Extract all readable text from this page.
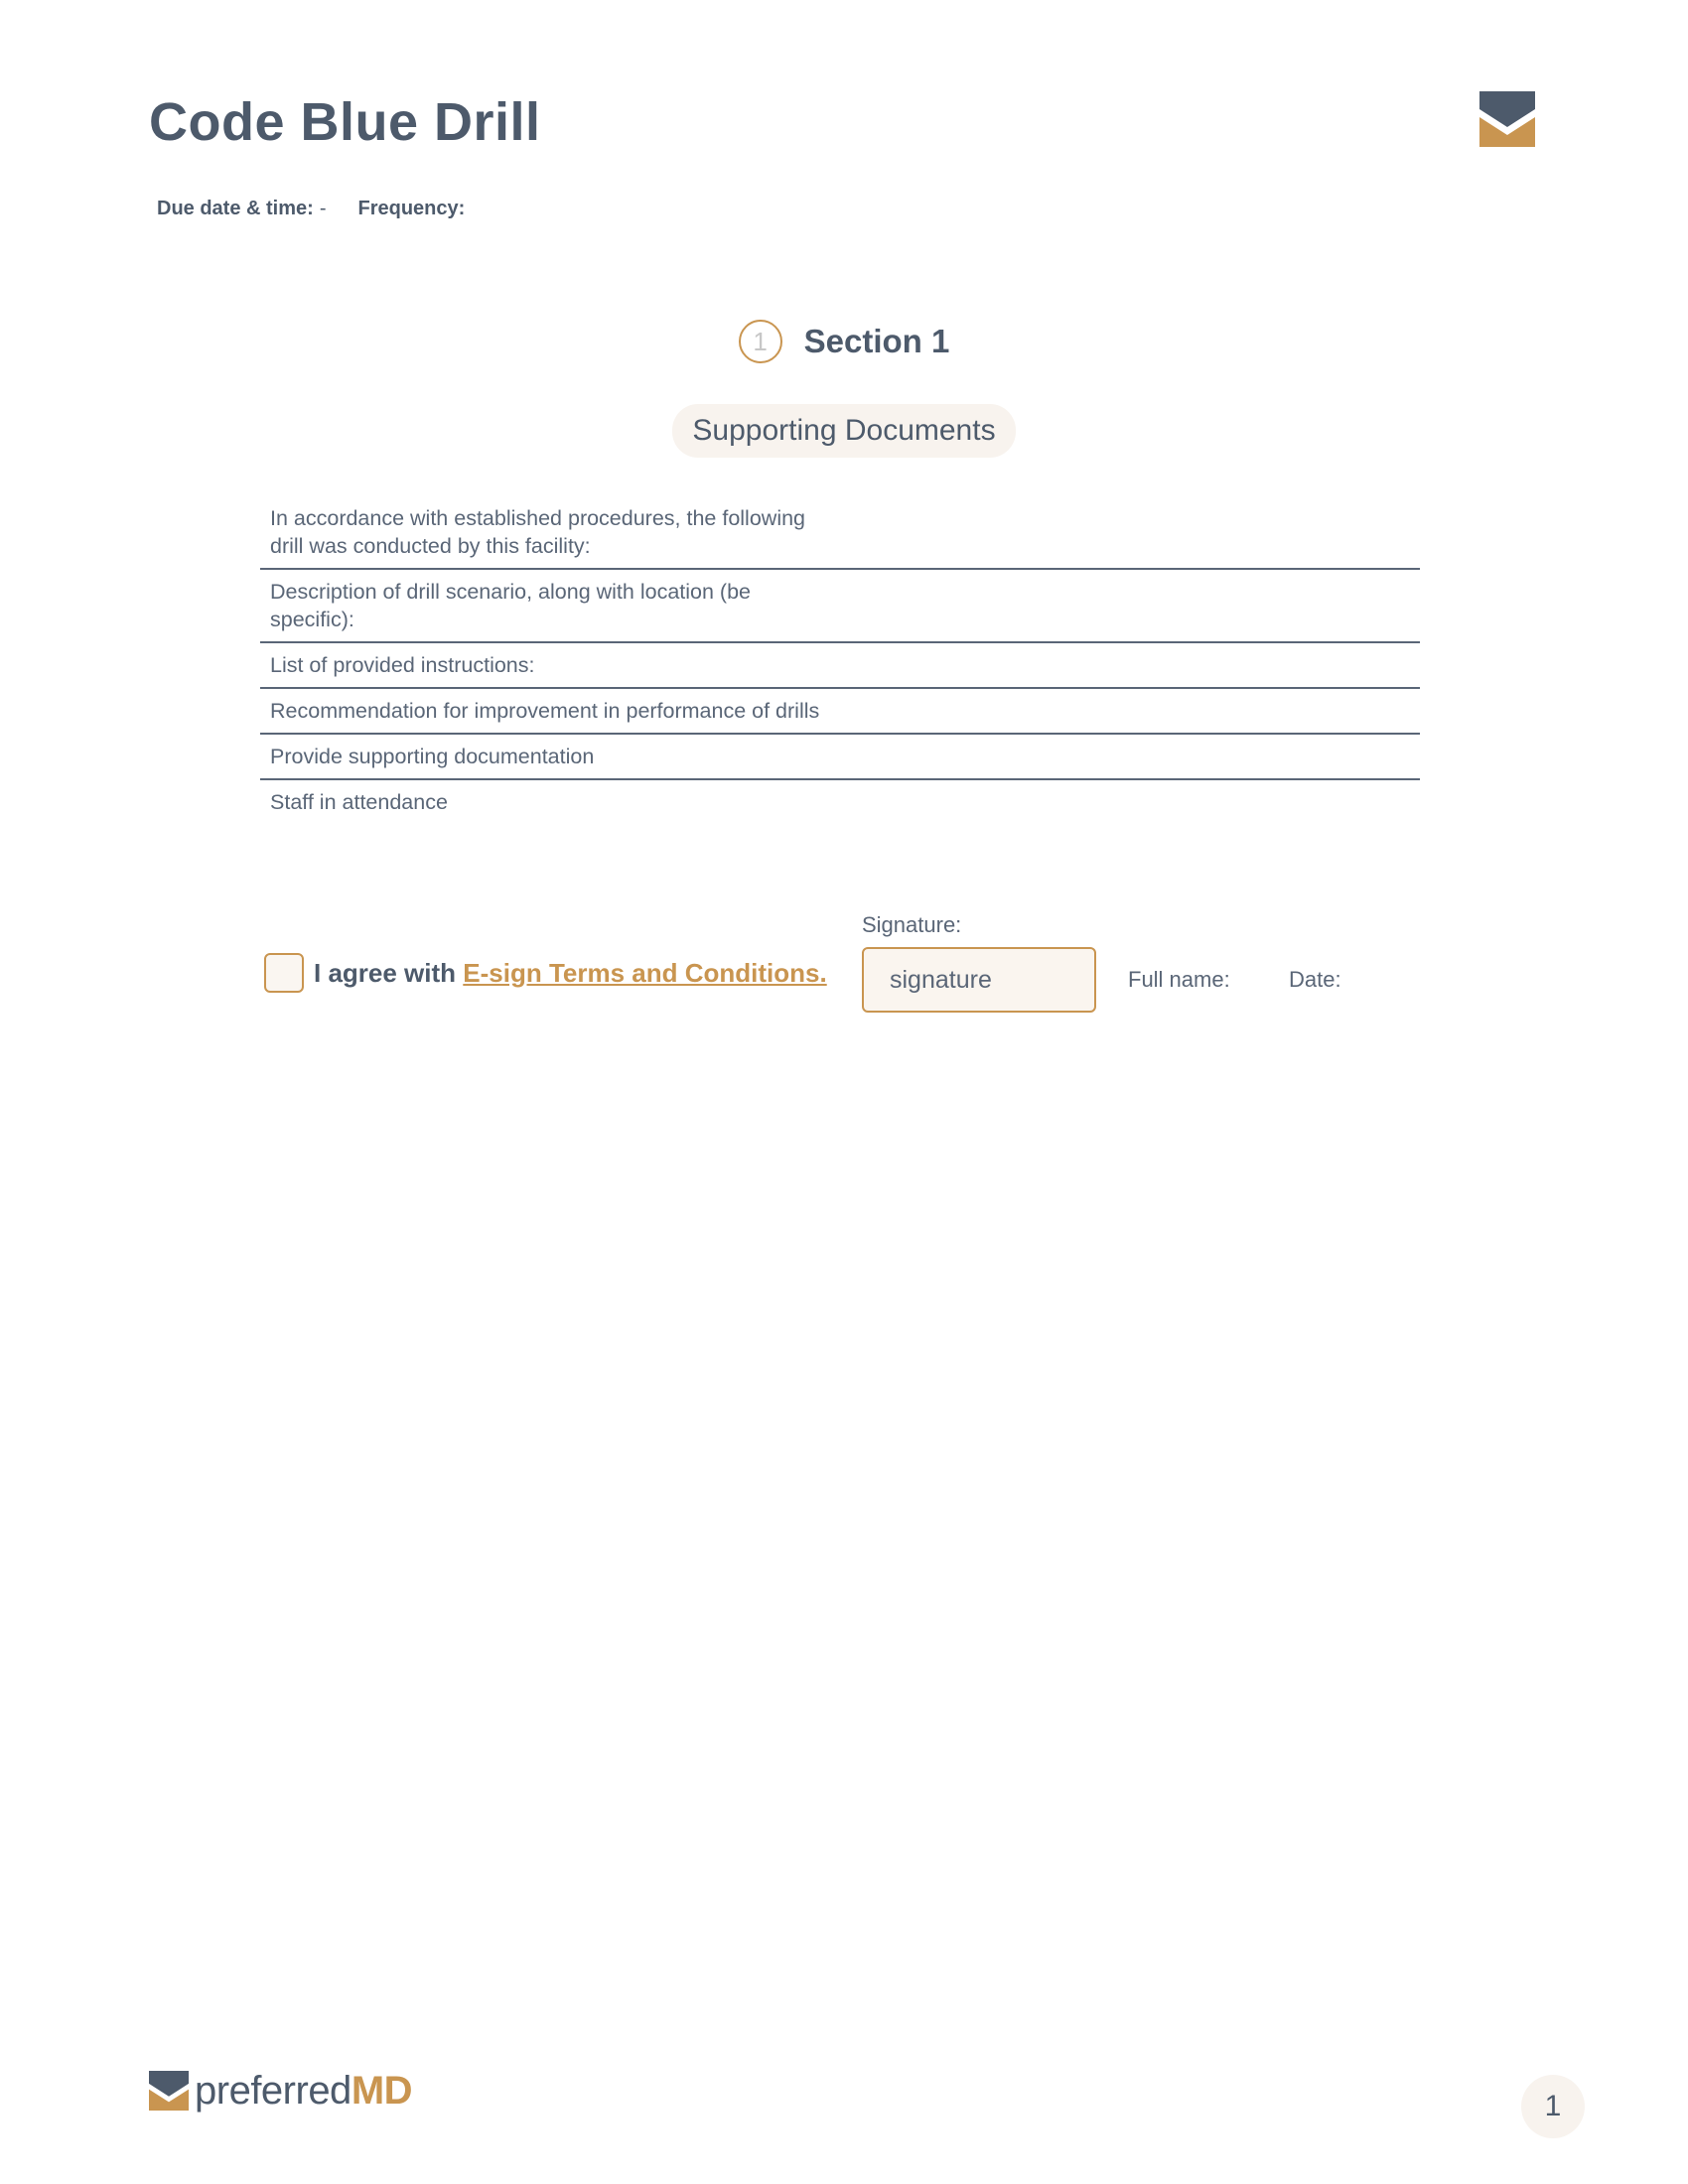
Code Blue Drill
Due date & time: - Frequency:
1	Section 1
Supporting Documents
In accordance with established procedures, the following drill was conducted by this facility:
Description of drill scenario, along with location (be specific):
List of provided instructions:
Recommendation for improvement in performance of drills
Provide supporting documentation
Staff in attendance
I agree with E-sign Terms and Conditions.
Signature:
signature	Full name:	Date:
preferredMD	1
